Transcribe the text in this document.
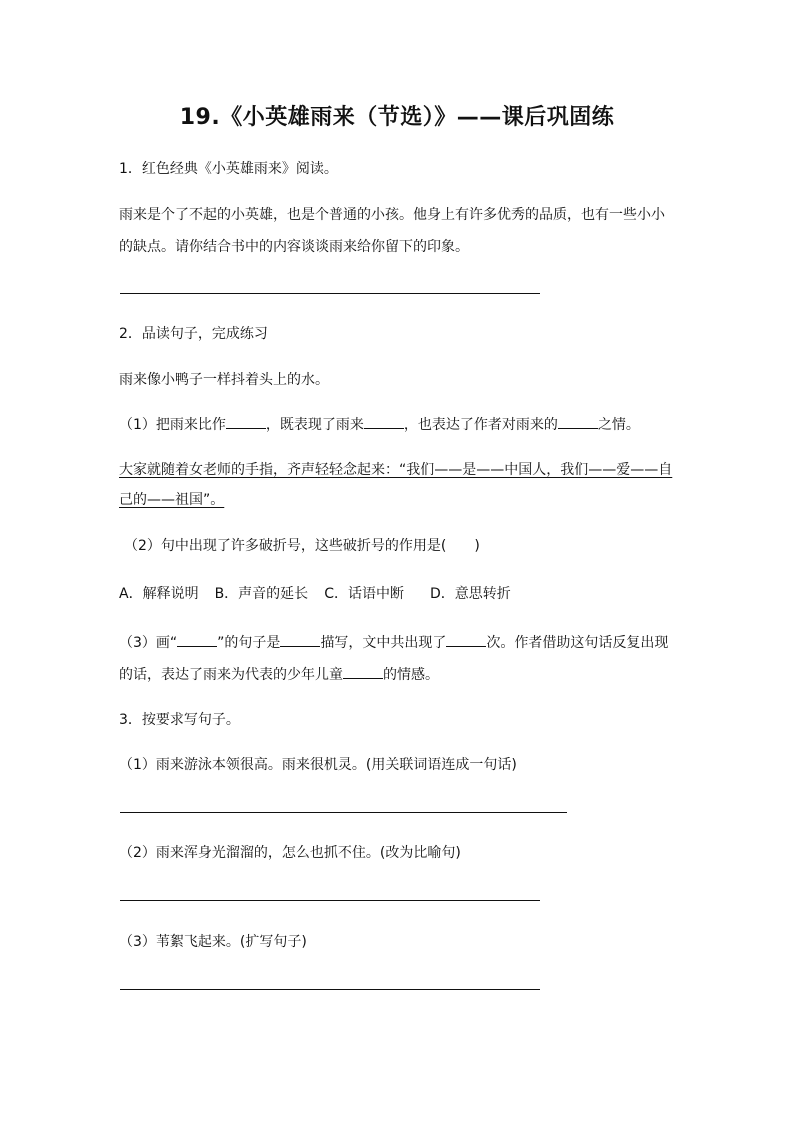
19.《小英雄雨来（节选）》——课后巩固练
1．红色经典《小英雄雨来》阅读。
雨来是个了不起的小英雄，也是个普通的小孩。他身上有许多优秀的品质，也有一些小小
的缺点。请你结合书中的内容谈谈雨来给你留下的印象。
2．品读句子，完成练习
雨来像小鸭子一样抖着头上的水。
（1）把雨来比作	，既表现了雨来	，也表达了作者对雨来的	之情。
大家就随着女老师的手指，齐声轻轻念起来：“我们——是——中国人，我们——爱——自
己的——祖国”。
（2）句中出现了许多破折号，这些破折号的作用是(　　)
A．解释说明 B．声音的延长 C．话语中断 D．意思转折
（3）画“	”的句子是	描写，文中共出现了	次。作者借助这句话反复出现
的话，表达了雨来为代表的少年儿童	的情感。
3．按要求写句子。
（1）雨来游泳本领很高。雨来很机灵。(用关联词语连成一句话)
（2）雨来浑身光溜溜的，怎么也抓不住。(改为比喻句)
（3）苇絮飞起来。(扩写句子)
